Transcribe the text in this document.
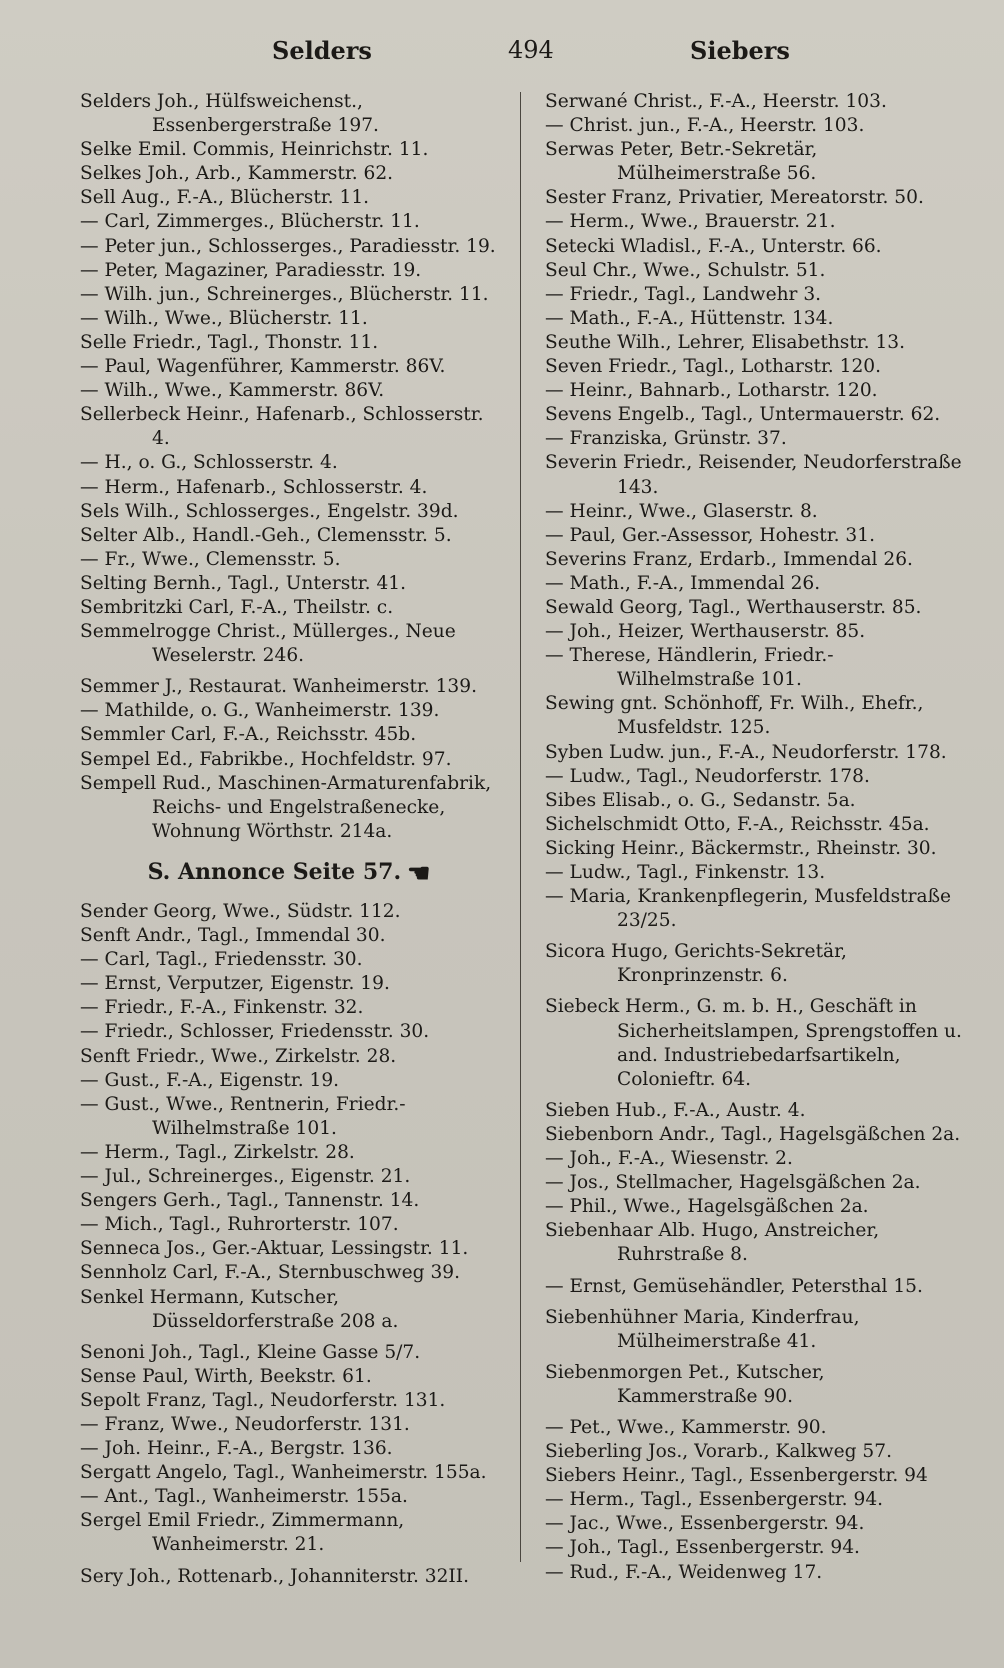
Selders	494	Siebers

Selders Joh., Hülfsweichenst., Essenbergerstraße 197.

Selke Emil. Commis, Heinrichstr. 11.

Selkes Joh., Arb., Kammerstr. 62.

Sell Aug., F.-A., Blücherstr. 11.

— Carl, Zimmerges., Blücherstr. 11.

— Peter jun., Schlosserges., Paradiesstr. 19.

— Peter, Magaziner, Paradiesstr. 19.

— Wilh. jun., Schreinerges., Blücherstr. 11.

— Wilh., Wwe., Blücherstr. 11.

Selle Friedr., Tagl., Thonstr. 11.

— Paul, Wagenführer, Kammerstr. 86V.

— Wilh., Wwe., Kammerstr. 86V.

Sellerbeck Heinr., Hafenarb., Schlosserstr. 4.

— H., o. G., Schlosserstr. 4.

— Herm., Hafenarb., Schlosserstr. 4.

Sels Wilh., Schlosserges., Engelstr. 39d.

Selter Alb., Handl.-Geh., Clemensstr. 5.

— Fr., Wwe., Clemensstr. 5.

Selting Bernh., Tagl., Unterstr. 41.

Sembritzki Carl, F.-A., Theilstr. c.

Semmelrogge Christ., Müllerges., Neue Weselerstr. 246.

Semmer J., Restaurat. Wanheimerstr. 139.

— Mathilde, o. G., Wanheimerstr. 139.

Semmler Carl, F.-A., Reichsstr. 45b.

Sempel Ed., Fabrikbe., Hochfeldstr. 97.

Sempell Rud., Maschinen-Armaturenfabrik, Reichs- und Engelstraßenecke, Wohnung Wörthstr. 214a.

S. Annonce Seite 57. ☚

Sender Georg, Wwe., Südstr. 112.

Senft Andr., Tagl., Immendal 30.

— Carl, Tagl., Friedensstr. 30.

— Ernst, Verputzer, Eigenstr. 19.

— Friedr., F.-A., Finkenstr. 32.

— Friedr., Schlosser, Friedensstr. 30.

Senft Friedr., Wwe., Zirkelstr. 28.

— Gust., F.-A., Eigenstr. 19.

— Gust., Wwe., Rentnerin, Friedr.-Wilhelmstraße 101.

— Herm., Tagl., Zirkelstr. 28.

— Jul., Schreinerges., Eigenstr. 21.

Sengers Gerh., Tagl., Tannenstr. 14.

— Mich., Tagl., Ruhrorterstr. 107.

Senneca Jos., Ger.-Aktuar, Lessingstr. 11.

Sennholz Carl, F.-A., Sternbuschweg 39.

Senkel Hermann, Kutscher, Düsseldorferstraße 208 a.

Senoni Joh., Tagl., Kleine Gasse 5/7.

Sense Paul, Wirth, Beekstr. 61.

Sepolt Franz, Tagl., Neudorferstr. 131.

— Franz, Wwe., Neudorferstr. 131.

— Joh. Heinr., F.-A., Bergstr. 136.

Sergatt Angelo, Tagl., Wanheimerstr. 155a.

— Ant., Tagl., Wanheimerstr. 155a.

Sergel Emil Friedr., Zimmermann, Wanheimerstr. 21.

Sery Joh., Rottenarb., Johanniterstr. 32II.

Serwané Christ., F.-A., Heerstr. 103.

— Christ. jun., F.-A., Heerstr. 103.

Serwas Peter, Betr.-Sekretär, Mülheimerstraße 56.

Sester Franz, Privatier, Mereatorstr. 50.

— Herm., Wwe., Brauerstr. 21.

Setecki Wladisl., F.-A., Unterstr. 66.

Seul Chr., Wwe., Schulstr. 51.

— Friedr., Tagl., Landwehr 3.

— Math., F.-A., Hüttenstr. 134.

Seuthe Wilh., Lehrer, Elisabethstr. 13.

Seven Friedr., Tagl., Lotharstr. 120.

— Heinr., Bahnarb., Lotharstr. 120.

Sevens Engelb., Tagl., Untermauerstr. 62.

— Franziska, Grünstr. 37.

Severin Friedr., Reisender, Neudorferstraße 143.

— Heinr., Wwe., Glaserstr. 8.

— Paul, Ger.-Assessor, Hohestr. 31.

Severins Franz, Erdarb., Immendal 26.

— Math., F.-A., Immendal 26.

Sewald Georg, Tagl., Werthauserstr. 85.

— Joh., Heizer, Werthauserstr. 85.

— Therese, Händlerin, Friedr.-Wilhelmstraße 101.

Sewing gnt. Schönhoff, Fr. Wilh., Ehefr., Musfeldstr. 125.

Syben Ludw. jun., F.-A., Neudorferstr. 178.

— Ludw., Tagl., Neudorferstr. 178.

Sibes Elisab., o. G., Sedanstr. 5a.

Sichelschmidt Otto, F.-A., Reichsstr. 45a.

Sicking Heinr., Bäckermstr., Rheinstr. 30.

— Ludw., Tagl., Finkenstr. 13.

— Maria, Krankenpflegerin, Musfeldstraße 23/25.

Sicora Hugo, Gerichts-Sekretär, Kronprinzenstr. 6.

Siebeck Herm., G. m. b. H., Geschäft in Sicherheitslampen, Sprengstoffen u. and. Industriebedarfsartikeln, Colonieftr. 64.

Sieben Hub., F.-A., Austr. 4.

Siebenborn Andr., Tagl., Hagelsgäßchen 2a.

— Joh., F.-A., Wiesenstr. 2.

— Jos., Stellmacher, Hagelsgäßchen 2a.

— Phil., Wwe., Hagelsgäßchen 2a.

Siebenhaar Alb. Hugo, Anstreicher, Ruhrstraße 8.

— Ernst, Gemüsehändler, Petersthal 15.

Siebenhühner Maria, Kinderfrau, Mülheimerstraße 41.

Siebenmorgen Pet., Kutscher, Kammerstraße 90.

— Pet., Wwe., Kammerstr. 90.

Sieberling Jos., Vorarb., Kalkweg 57.

Siebers Heinr., Tagl., Essenbergerstr. 94

— Herm., Tagl., Essenbergerstr. 94.

— Jac., Wwe., Essenbergerstr. 94.

— Joh., Tagl., Essenbergerstr. 94.

— Rud., F.-A., Weidenweg 17.
